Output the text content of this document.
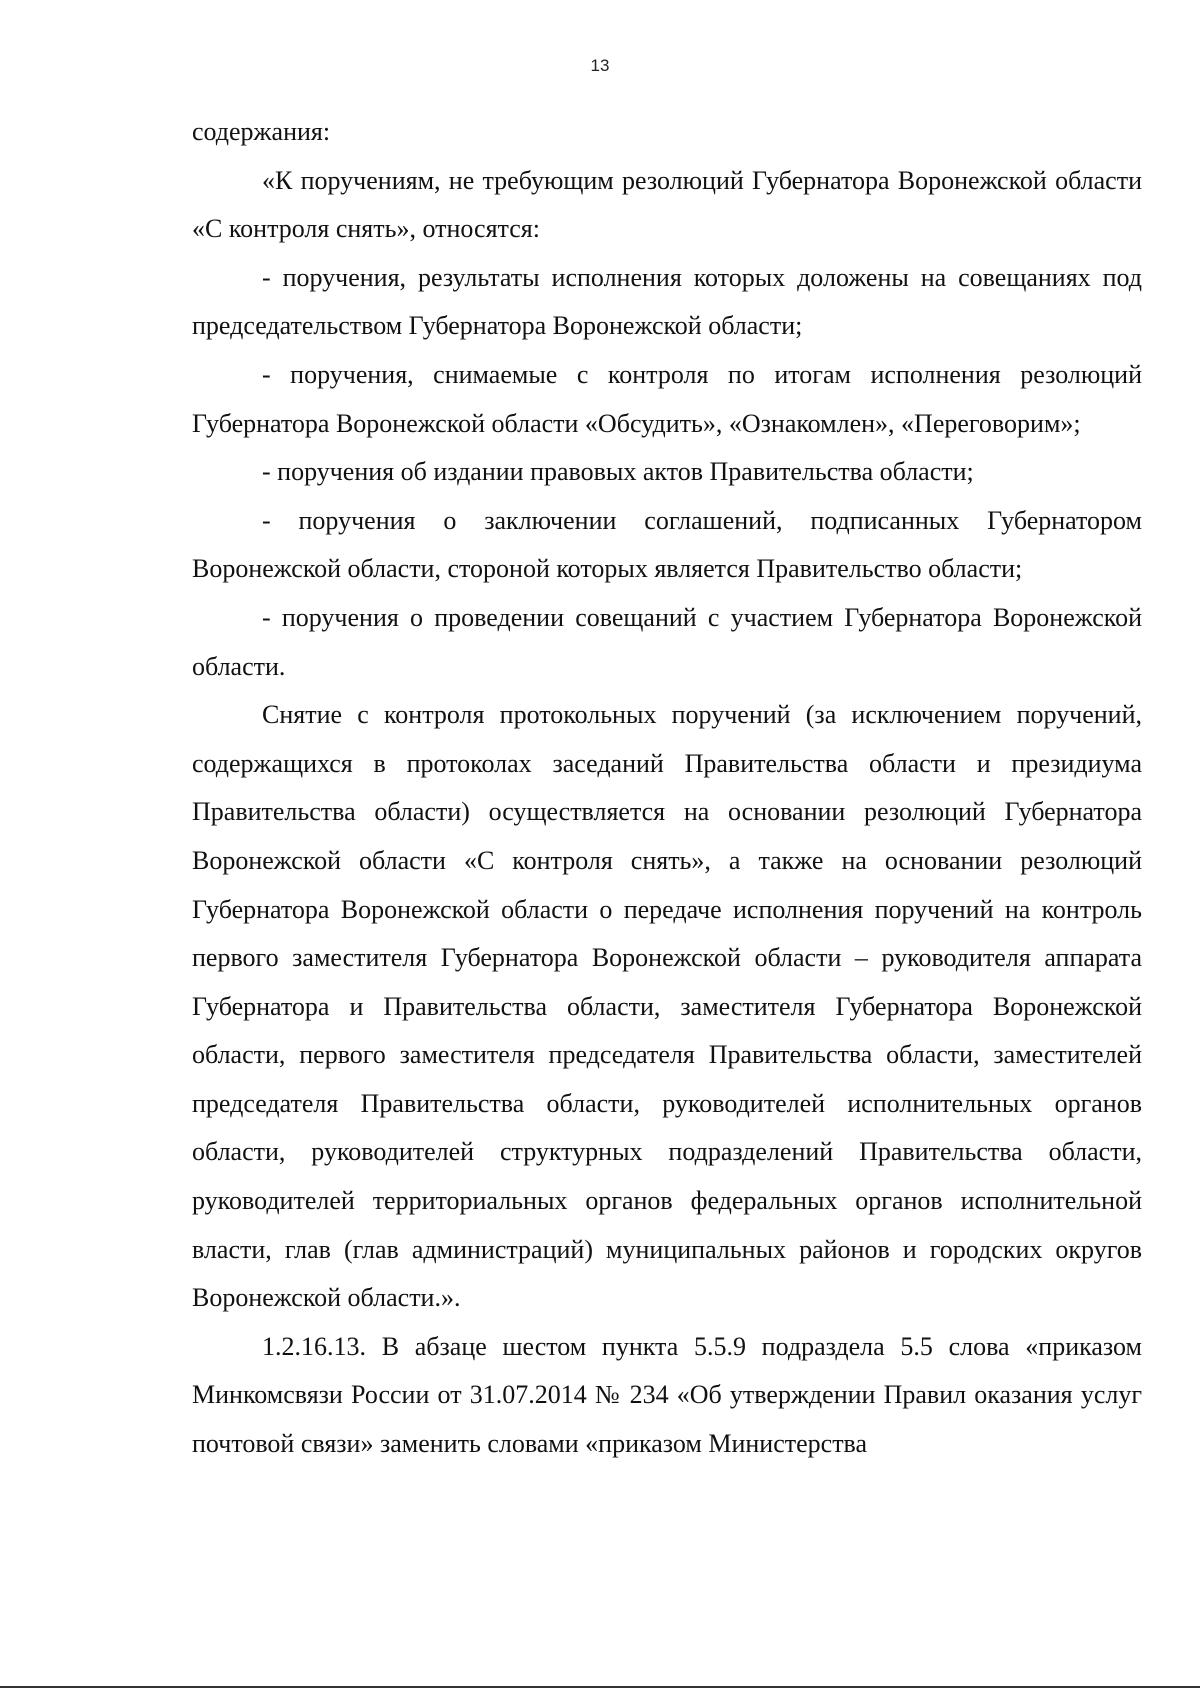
13

содержания:

«К поручениям, не требующим резолюций Губернатора Воронежской области «С контроля снять», относятся:

- поручения, результаты исполнения которых доложены на совещаниях под председательством Губернатора Воронежской области;

- поручения, снимаемые с контроля по итогам исполнения резолюций Губернатора Воронежской области «Обсудить», «Ознакомлен», «Переговорим»;

- поручения об издании правовых актов Правительства области;

- поручения о заключении соглашений, подписанных Губернатором Воронежской области, стороной которых является Правительство области;

- поручения о проведении совещаний с участием Губернатора Воронежской области.

Снятие с контроля протокольных поручений (за исключением поручений, содержащихся в протоколах заседаний Правительства области и президиума Правительства области) осуществляется на основании резолюций Губернатора Воронежской области «С контроля снять», а также на основании резолюций Губернатора Воронежской области о передаче исполнения поручений на контроль первого заместителя Губернатора Воронежской области – руководителя аппарата Губернатора и Правительства области, заместителя Губернатора Воронежской области, первого заместителя председателя Правительства области, заместителей председателя Правительства области, руководителей исполнительных органов области, руководителей структурных подразделений Правительства области, руководителей территориальных органов федеральных органов исполнительной власти, глав (глав администраций) муниципальных районов и городских округов Воронежской области.».

1.2.16.13. В абзаце шестом пункта 5.5.9 подраздела 5.5 слова «приказом Минкомсвязи России от 31.07.2014 № 234 «Об утверждении Правил оказания услуг почтовой связи» заменить словами «приказом Министерства
